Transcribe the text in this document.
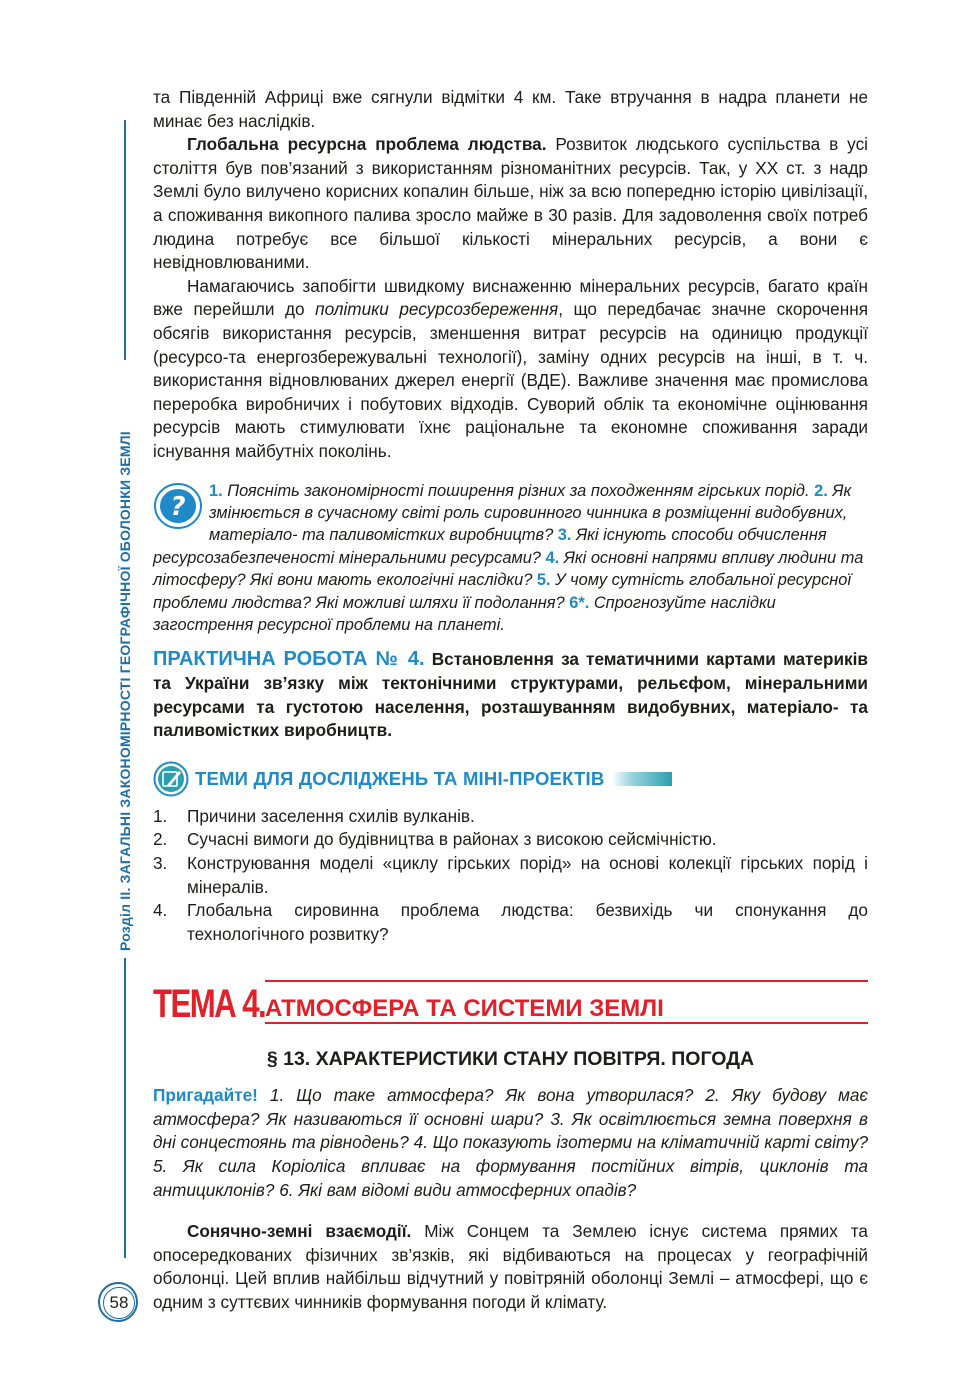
Розділ ІІ. ЗАГАЛЬНІ ЗАКОНОМІРНОСТІ ГЕОГРАФІЧНОЇ ОБОЛОНКИ ЗЕМЛІ
58

та Південній Африці вже сягнули відмітки 4 км. Таке втручання в надра планети не минає без наслідків.

Глобальна ресурсна проблема людства. Розвиток людського суспільства в усі століття був пов’язаний з використанням різноманітних ресурсів. Так, у ХХ ст. з надр Землі було вилучено корисних копалин більше, ніж за всю попередню історію цивілізації, а споживання викопного палива зросло майже в 30 разів. Для задоволення своїх потреб людина потребує все більшої кількості мінеральних ресурсів, а вони є невідновлюваними.

Намагаючись запобігти швидкому виснаженню мінеральних ресурсів, багато країн вже перейшли до політики ресурсозбереження, що передбачає значне скорочення обсягів використання ресурсів, зменшення витрат ресурсів на одиницю продукції (ресурсо-та енергозбережувальні технології), заміну одних ресурсів на інші, в т. ч. використання відновлюваних джерел енергії (ВДЕ). Важливе значення має промислова переробка виробничих і побутових відходів. Суворий облік та економічне оцінювання ресурсів мають стимулювати їхнє раціональне та економне споживання заради існування майбутніх поколінь.

?
1. Поясніть закономірності поширення різних за походженням гірських порід. 2. Як змінюється в сучасному світі роль сировинного чинника в розміщенні видобувних, матеріало- та паливомістких виробництв? 3. Які існують способи обчислення ресурсозабезпеченості мінеральними ресурсами? 4. Які основні напрями впливу людини та літосферу? Які вони мають екологічні наслідки? 5. У чому сутність глобальної ресурсної проблеми людства? Які можливі шляхи її подолання? 6*. Спрогнозуйте наслідки загострення ресурсної проблеми на планеті.

ПРАКТИЧНА РОБОТА № 4. Встановлення за тематичними картами материків та України зв’язку між тектонічними структурами, рельєфом, мінеральними ресурсами та густотою населення, розташуванням видобувних, матеріало- та паливомістких виробництв.

ТЕМИ ДЛЯ ДОСЛІДЖЕНЬ ТА МІНІ-ПРОЕКТІВ
1.	Причини заселення схилів вулканів.
2.	Сучасні вимоги до будівництва в районах з високою сейсмічністю.
3.	Конструювання моделі «циклу гірських порід» на основі колекції гірських порід і мінералів.
4.	Глобальна сировинна проблема людства: безвихідь чи спонукання до технологічного розвитку?
ТЕМА 4. АТМОСФЕРА ТА СИСТЕМИ ЗЕМЛІ
§ 13. ХАРАКТЕРИСТИКИ СТАНУ ПОВІТРЯ. ПОГОДА

Пригадайте! 1. Що таке атмосфера? Як вона утворилася? 2. Яку будову має атмосфера? Як називаються її основні шари? 3. Як освітлюється земна поверхня в дні сонцестоянь та рівнодень? 4. Що показують ізотерми на кліматичній карті світу? 5. Як сила Коріоліса впливає на формування постійних вітрів, циклонів та антициклонів? 6. Які вам відомі види атмосферних опадів?

Сонячно-земні взаємодії. Між Сонцем та Землею існує система прямих та опосередкованих фізичних зв’язків, які відбиваються на процесах у географічній оболонці. Цей вплив найбільш відчутний у повітряній оболонці Землі – атмосфері, що є одним з суттєвих чинників формування погоди й клімату.
